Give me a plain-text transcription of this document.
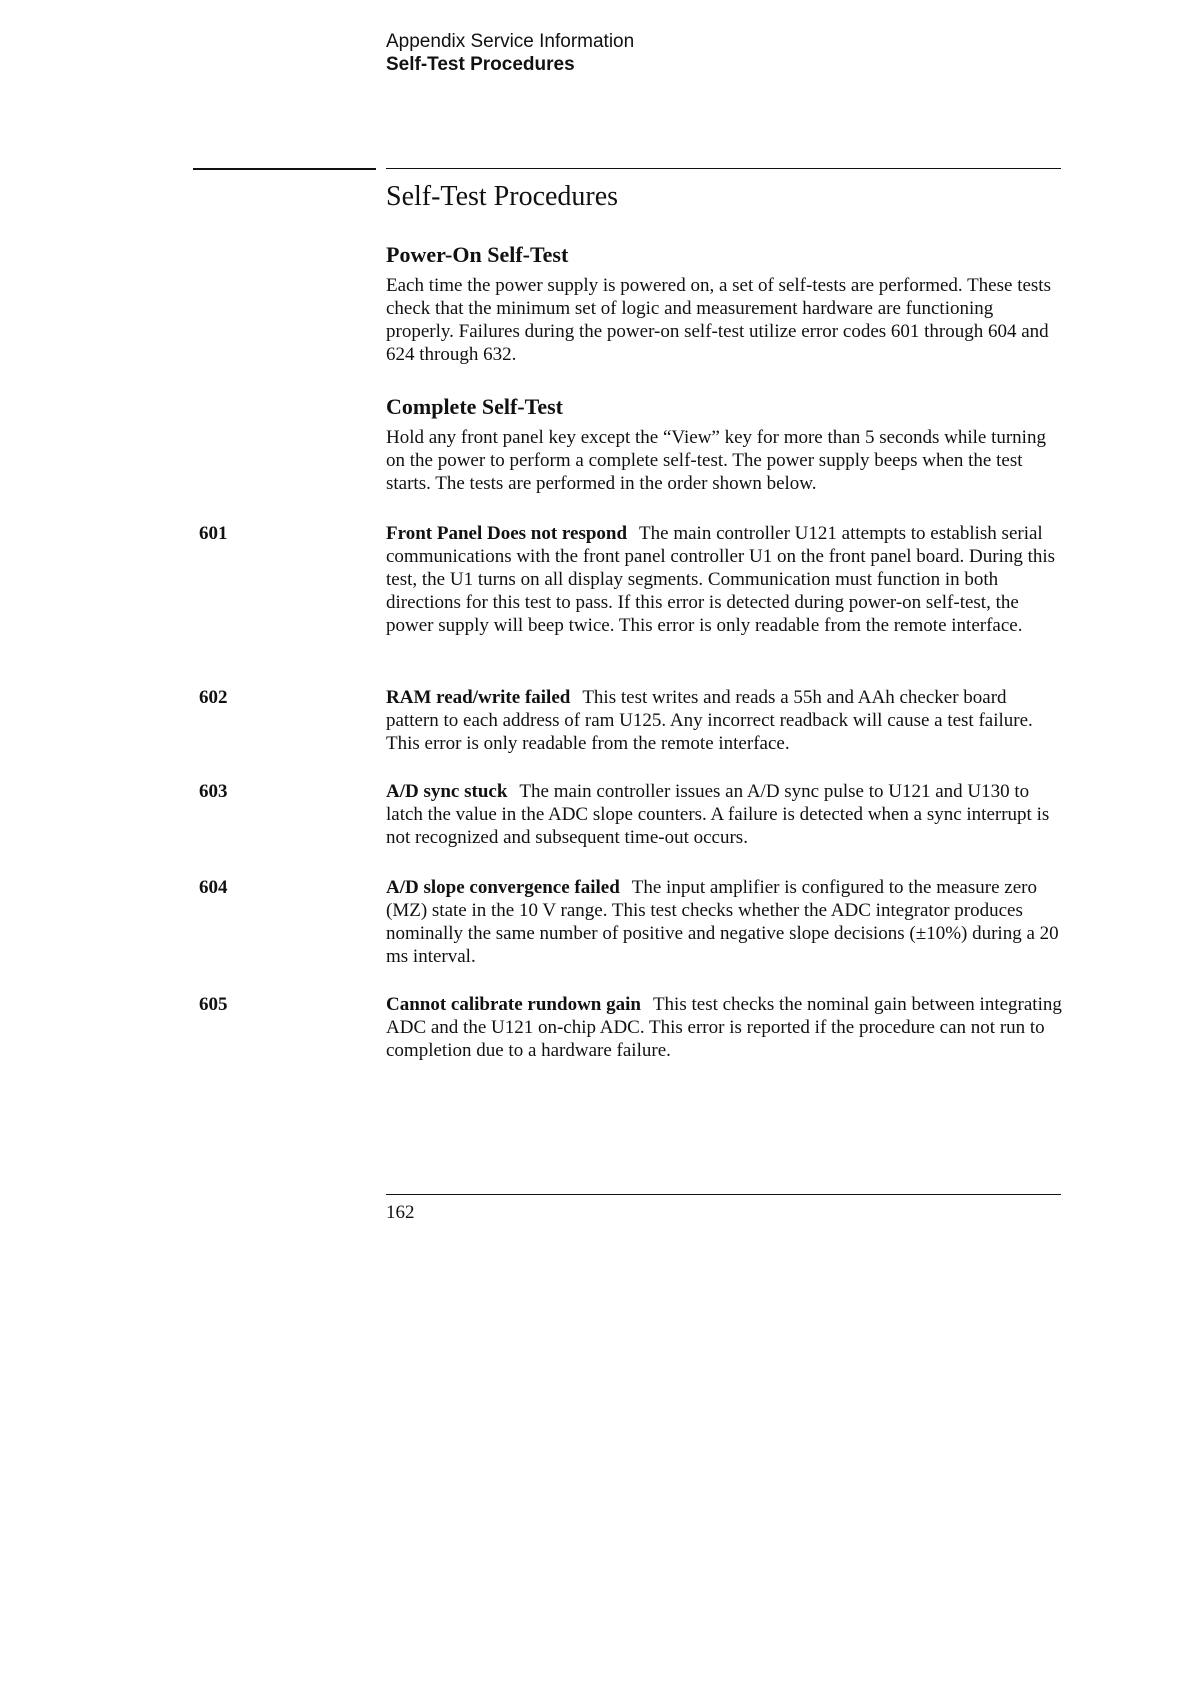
Appendix Service Information
Self-Test Procedures
Self-Test Procedures
Power-On Self-Test

Each time the power supply is powered on, a set of self-tests are performed. These tests check that the minimum set of logic and measurement hardware are functioning properly. Failures during the power-on self-test utilize error codes 601 through 604 and 624 through 632.

Complete Self-Test

Hold any front panel key except the “View” key for more than 5 seconds while turning on the power to perform a complete self-test. The power supply beeps when the test starts. The tests are performed in the order shown below.

601	Front Panel Does not respond The main controller U121 attempts to establish serial communications with the front panel controller U1 on the front panel board. During this test, the U1 turns on all display segments. Communication must function in both directions for this test to pass. If this error is detected during power-on self-test, the power supply will beep twice. This error is only readable from the remote interface.

602	RAM read/write failed This test writes and reads a 55h and AAh checker board pattern to each address of ram U125. Any incorrect readback will cause a test failure. This error is only readable from the remote interface.

603	A/D sync stuck The main controller issues an A/D sync pulse to U121 and U130 to latch the value in the ADC slope counters. A failure is detected when a sync interrupt is not recognized and subsequent time-out occurs.

604	A/D slope convergence failed The input amplifier is configured to the measure zero (MZ) state in the 10 V range. This test checks whether the ADC integrator produces nominally the same number of positive and negative slope decisions (±10%) during a 20 ms interval.

605	Cannot calibrate rundown gain This test checks the nominal gain between integrating ADC and the U121 on-chip ADC. This error is reported if the procedure can not run to completion due to a hardware failure.

162
